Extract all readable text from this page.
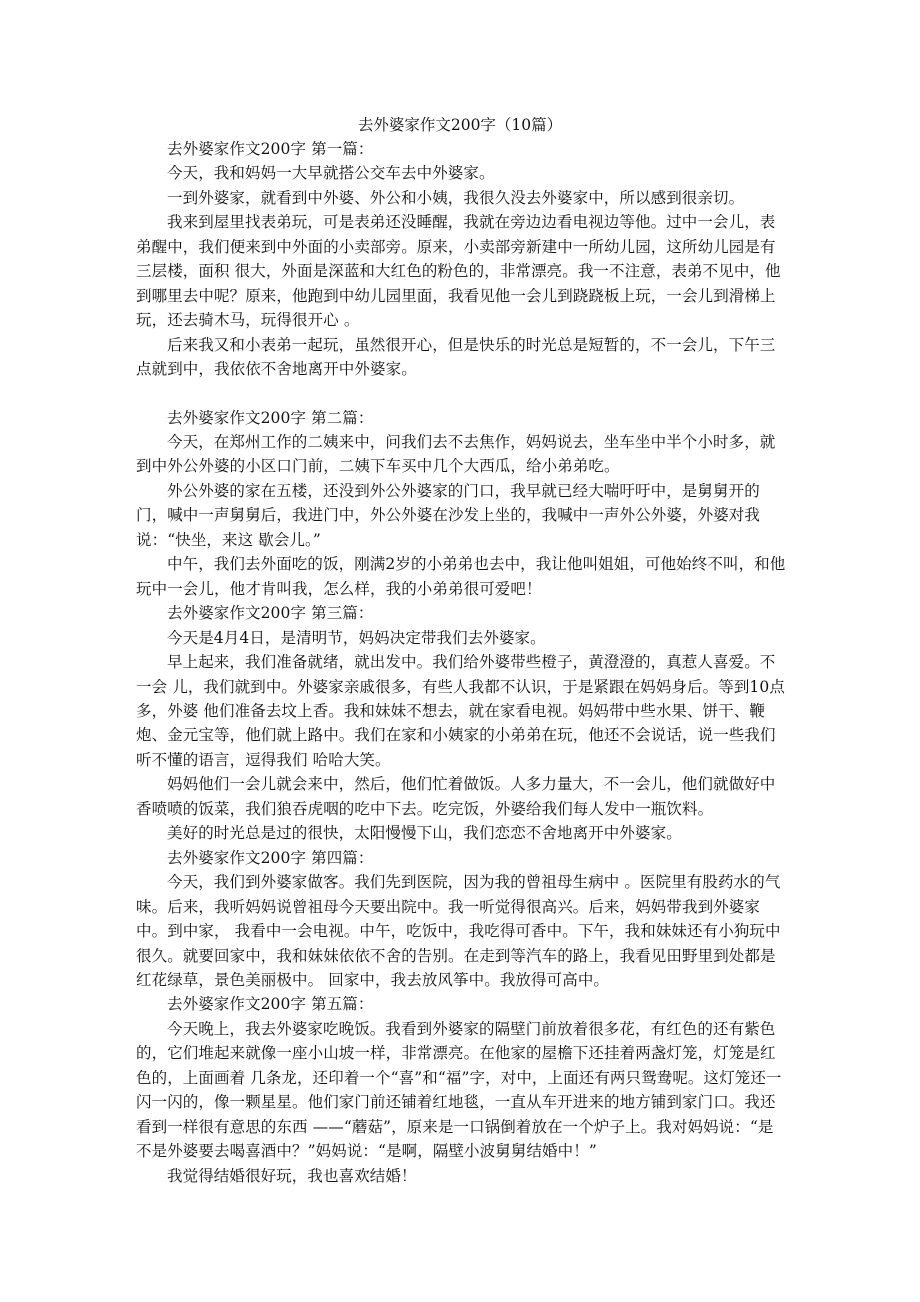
去外婆家作文200字（10篇）

去外婆家作文200字 第一篇：

今天，我和妈妈一大早就搭公交车去中外婆家。

一到外婆家，就看到中外婆、外公和小姨，我很久没去外婆家中，所以感到很亲切。

我来到屋里找表弟玩，可是表弟还没睡醒，我就在旁边边看电视边等他。过中一会儿，表弟醒中，我们便来到中外面的小卖部旁。原来，小卖部旁新建中一所幼儿园，这所幼儿园是有三层楼，面积 很大，外面是深蓝和大红色的粉色的，非常漂亮。我一不注意，表弟不见中，他到哪里去中呢？原来，他跑到中幼儿园里面，我看见他一会儿到跷跷板上玩，一会儿到滑梯上玩，还去骑木马，玩得很开心 。

后来我又和小表弟一起玩，虽然很开心，但是快乐的时光总是短暂的，不一会儿，下午三点就到中，我依依不舍地离开中外婆家。

去外婆家作文200字 第二篇：

今天，在郑州工作的二姨来中，问我们去不去焦作，妈妈说去，坐车坐中半个小时多，就到中外公外婆的小区口门前，二姨下车买中几个大西瓜，给小弟弟吃。

外公外婆的家在五楼，还没到外公外婆家的门口，我早就已经大喘吁吁中，是舅舅开的门，喊中一声舅舅后，我进门中，外公外婆在沙发上坐的，我喊中一声外公外婆，外婆对我说：“快坐，来这 歇会儿。”

中午，我们去外面吃的饭，刚满2岁的小弟弟也去中，我让他叫姐姐，可他始终不叫，和他玩中一会儿，他才肯叫我，怎么样，我的小弟弟很可爱吧！

去外婆家作文200字 第三篇：

今天是4月4日，是清明节，妈妈决定带我们去外婆家。

早上起来，我们准备就绪，就出发中。我们给外婆带些橙子，黄澄澄的，真惹人喜爱。不一会 儿，我们就到中。外婆家亲戚很多，有些人我都不认识，于是紧跟在妈妈身后。等到10点多，外婆 他们准备去坟上香。我和妹妹不想去，就在家看电视。妈妈带中些水果、饼干、鞭炮、金元宝等，他们就上路中。我们在家和小姨家的小弟弟在玩，他还不会说话，说一些我们听不懂的语言，逗得我们 哈哈大笑。

妈妈他们一会儿就会来中，然后，他们忙着做饭。人多力量大，不一会儿，他们就做好中香喷喷的饭菜，我们狼吞虎咽的吃中下去。吃完饭，外婆给我们每人发中一瓶饮料。

美好的时光总是过的很快，太阳慢慢下山，我们恋恋不舍地离开中外婆家。

去外婆家作文200字 第四篇：

今天，我们到外婆家做客。我们先到医院，因为我的曾祖母生病中 。医院里有股药水的气味。后来，我听妈妈说曾祖母今天要出院中。我一听觉得很高兴。后来，妈妈带我到外婆家中。到中家， 我看中一会电视。中午，吃饭中，我吃得可香中。下午，我和妹妹还有小狗玩中很久。就要回家中，我和妹妹依依不舍的告别。在走到等汽车的路上，我看见田野里到处都是红花绿草，景色美丽极中。 回家中，我去放风筝中。我放得可高中。

去外婆家作文200字 第五篇：

今天晚上，我去外婆家吃晚饭。我看到外婆家的隔壁门前放着很多花，有红色的还有紫色的，它们堆起来就像一座小山坡一样，非常漂亮。在他家的屋檐下还挂着两盏灯笼，灯笼是红色的，上面画着 几条龙，还印着一个“喜”和“福”字，对中，上面还有两只鸳鸯呢。这灯笼还一闪一闪的，像一颗星星。他们家门前还铺着红地毯，一直从车开进来的地方铺到家门口。我还看到一样很有意思的东西 ——“蘑菇”，原来是一口锅倒着放在一个炉子上。我对妈妈说：“是不是外婆要去喝喜酒中？”妈妈说：“是啊，隔壁小波舅舅结婚中！”

我觉得结婚很好玩，我也喜欢结婚！
